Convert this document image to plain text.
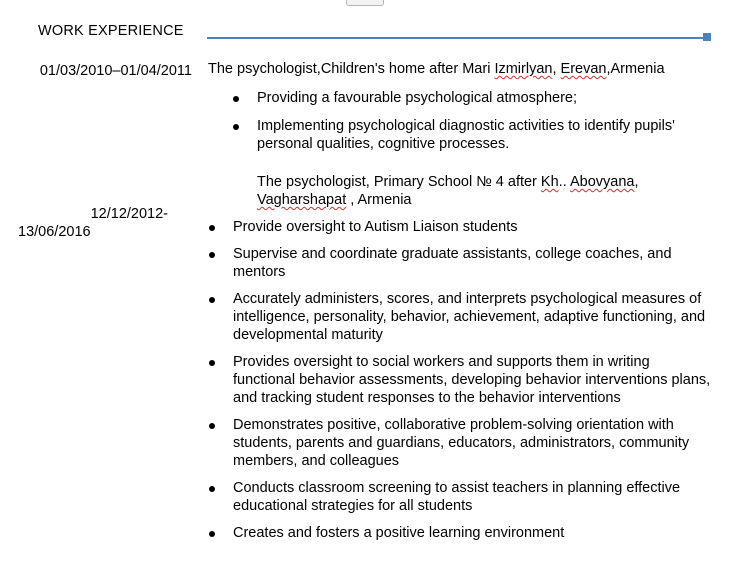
WORK EXPERIENCE
01/03/2010–01/04/2011 The psychologist,Children's home after Mari Izmirlyan, Erevan,Armenia
Providing a favourable psychological atmosphere;
Implementing psychological diagnostic activities to identify pupils' personal qualities, cognitive processes.
The psychologist, Primary School № 4 after Kh.. Abovyana, Vagharshapat , Armenia
12/12/2012-
13/06/2016	Provide oversight to Autism Liaison students
Supervise and coordinate graduate assistants, college coaches, and mentors
Accurately administers, scores, and interprets psychological measures of intelligence, personality, behavior, achievement, adaptive functioning, and developmental maturity
Provides oversight to social workers and supports them in writing functional behavior assessments, developing behavior interventions plans, and tracking student responses to the behavior interventions
Demonstrates positive, collaborative problem-solving orientation with students, parents and guardians, educators, administrators, community members, and colleagues
Conducts classroom screening to assist teachers in planning effective educational strategies for all students
Creates and fosters a positive learning environment
